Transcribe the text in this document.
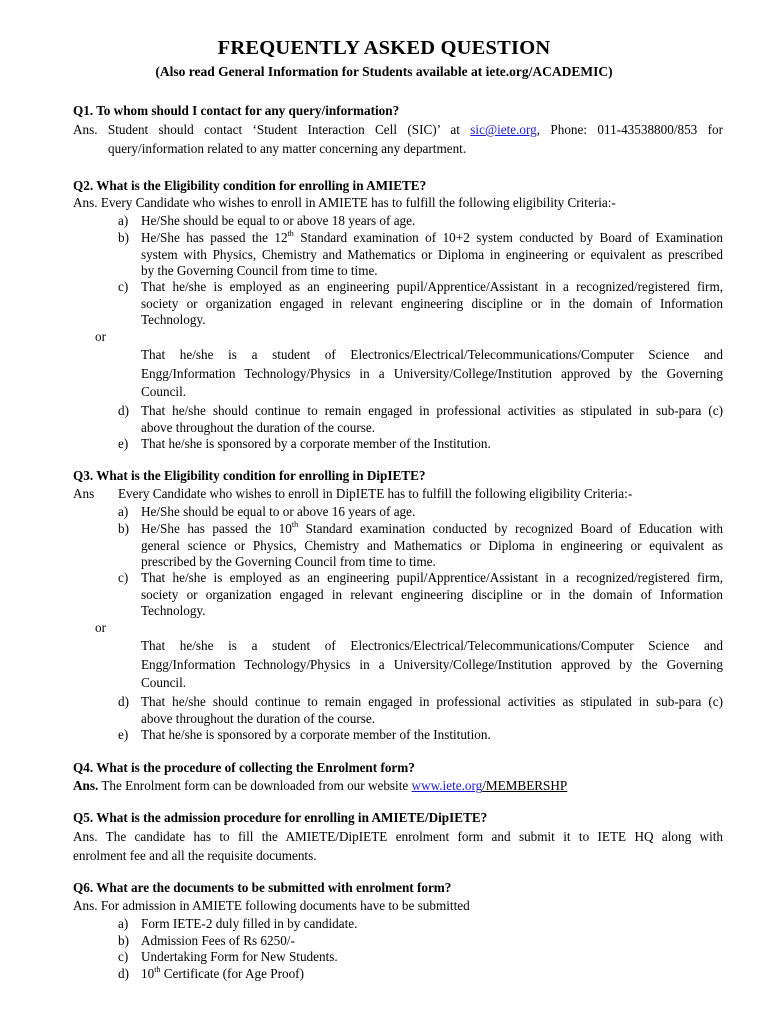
FREQUENTLY ASKED QUESTION
(Also read General Information for Students available at iete.org/ACADEMIC)
Q1. To whom should I contact for any query/information?
Ans. Student should contact ‘Student Interaction Cell (SIC)’ at sic@iete.org, Phone: 011-43538800/853 for
query/information related to any matter concerning any department.
Q2. What is the Eligibility condition for enrolling in AMIETE?
Ans. Every Candidate who wishes to enroll in AMIETE has to fulfill the following eligibility Criteria:-
a) He/She should be equal to or above 18 years of age.
b) He/She has passed the 12th Standard examination of 10+2 system conducted by Board of Examination
system with Physics, Chemistry and Mathematics or Diploma in engineering or equivalent as prescribed
by the Governing Council from time to time.
c) That he/she is employed as an engineering pupil/Apprentice/Assistant in a recognized/registered firm,
society or organization engaged in relevant engineering discipline or in the domain of Information
Technology.
or
That he/she is a student of Electronics/Electrical/Telecommunications/Computer Science and
Engg/Information Technology/Physics in a University/College/Institution approved by the Governing
Council.
d) That he/she should continue to remain engaged in professional activities as stipulated in sub-para (c)
above throughout the duration of the course.
e) That he/she is sponsored by a corporate member of the Institution.
Q3. What is the Eligibility condition for enrolling in DipIETE?
Ans Every Candidate who wishes to enroll in DipIETE has to fulfill the following eligibility Criteria:-
a) He/She should be equal to or above 16 years of age.
b) He/She has passed the 10th Standard examination conducted by recognized Board of Education with
general science or Physics, Chemistry and Mathematics or Diploma in engineering or equivalent as
prescribed by the Governing Council from time to time.
c) That he/she is employed as an engineering pupil/Apprentice/Assistant in a recognized/registered firm,
society or organization engaged in relevant engineering discipline or in the domain of Information
Technology.
or
That he/she is a student of Electronics/Electrical/Telecommunications/Computer Science and
Engg/Information Technology/Physics in a University/College/Institution approved by the Governing
Council.
d) That he/she should continue to remain engaged in professional activities as stipulated in sub-para (c)
above throughout the duration of the course.
e) That he/she is sponsored by a corporate member of the Institution.
Q4. What is the procedure of collecting the Enrolment form?
Ans. The Enrolment form can be downloaded from our website www.iete.org/MEMBERSHP
Q5. What is the admission procedure for enrolling in AMIETE/DipIETE?
Ans. The candidate has to fill the AMIETE/DipIETE enrolment form and submit it to IETE HQ along with
enrolment fee and all the requisite documents.
Q6. What are the documents to be submitted with enrolment form?
Ans. For admission in AMIETE following documents have to be submitted
a) Form IETE-2 duly filled in by candidate.
b) Admission Fees of Rs 6250/-
c) Undertaking Form for New Students.
d) 10th Certificate (for Age Proof)
